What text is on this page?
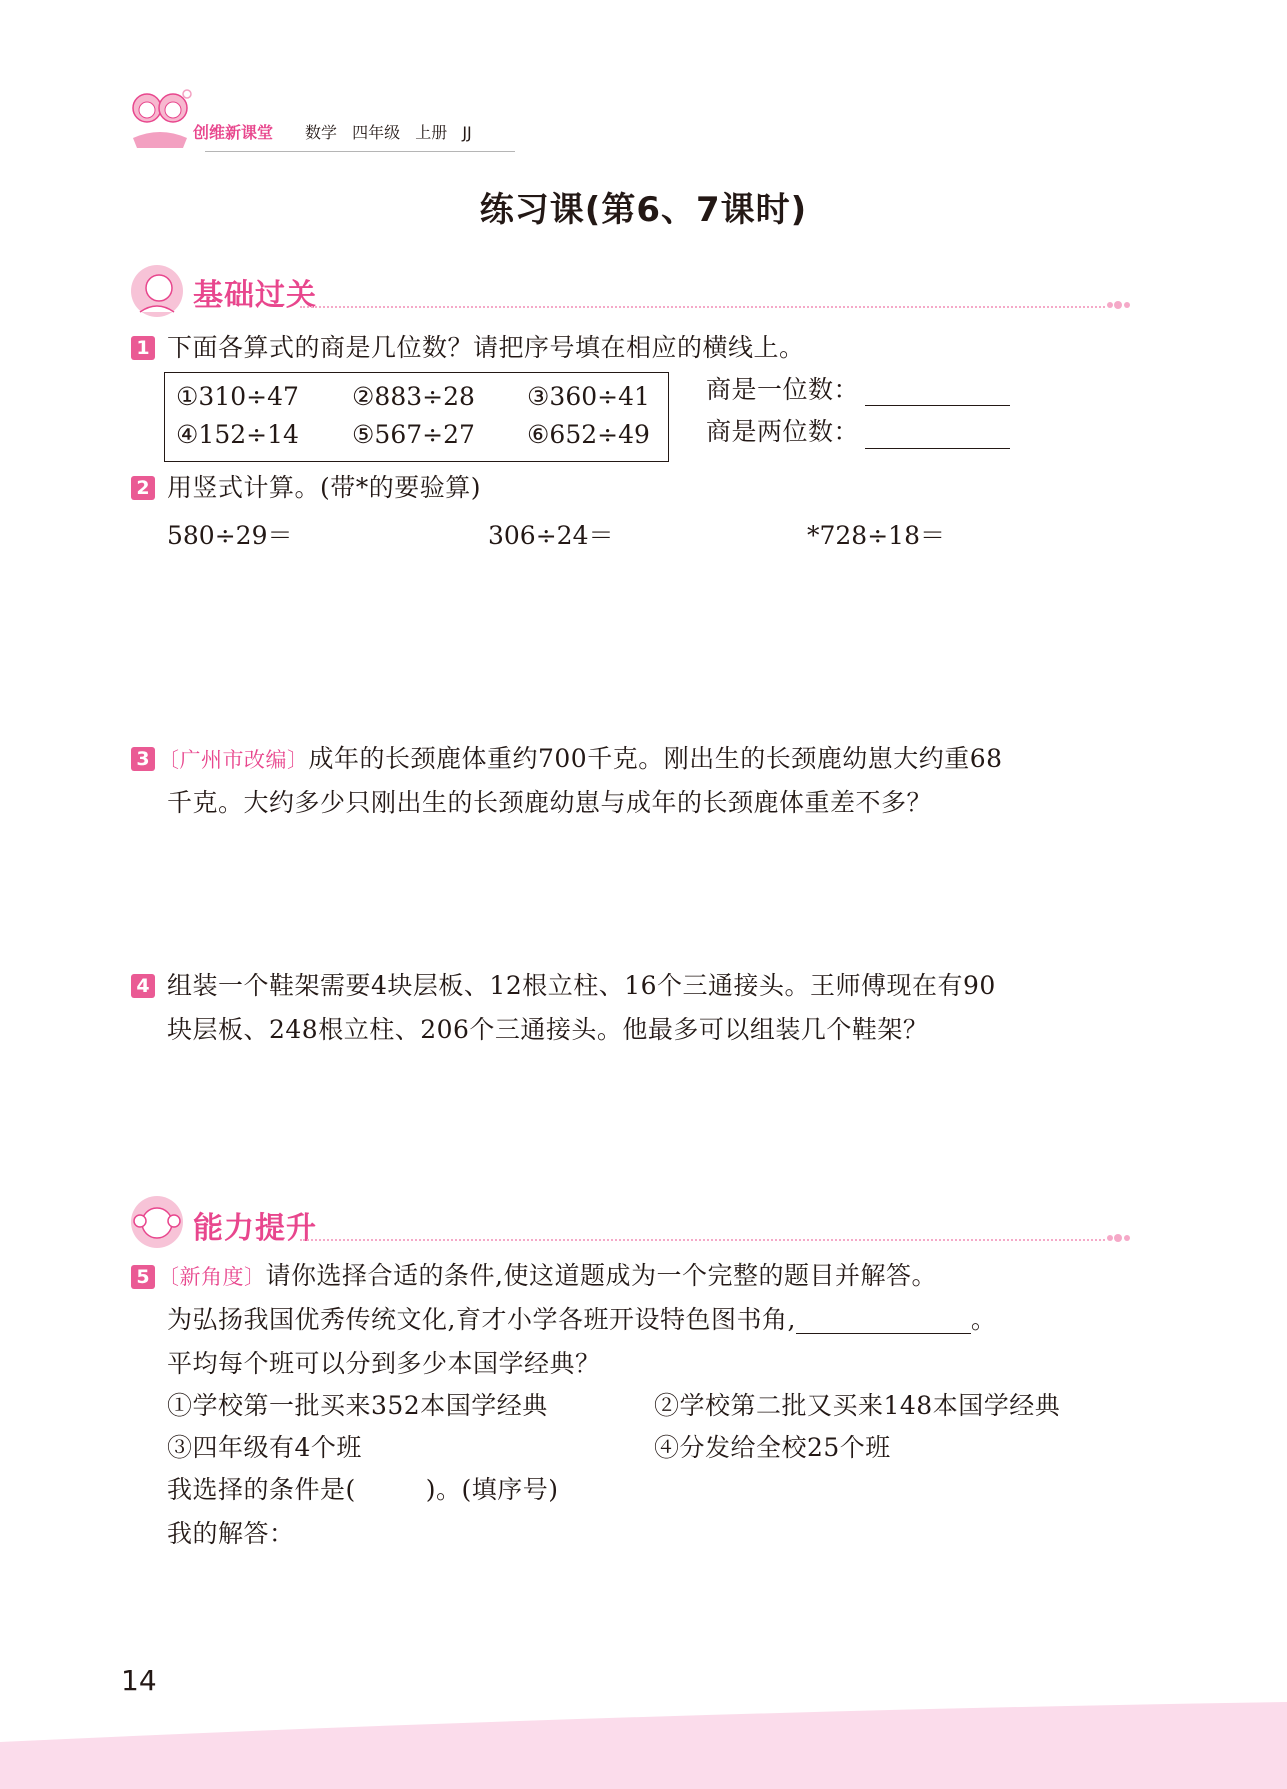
创维新课堂 数学 四年级 上册 JJ
练习课(第6、7课时)
基础过关
1 下面各算式的商是几位数？请把序号填在相应的横线上。
①310÷47 ②883÷28 ③360÷41
④152÷14 ⑤567÷27 ⑥652÷49
商是一位数：
商是两位数：
2 用竖式计算。(带*的要验算)
580÷29＝	306÷24＝	*728÷18＝
3 〔广州市改编〕成年的长颈鹿体重约700千克。刚出生的长颈鹿幼崽大约重68
千克。大约多少只刚出生的长颈鹿幼崽与成年的长颈鹿体重差不多？
4 组装一个鞋架需要4块层板、12根立柱、16个三通接头。王师傅现在有90
块层板、248根立柱、206个三通接头。他最多可以组装几个鞋架？
能力提升
5 〔新角度〕请你选择合适的条件,使这道题成为一个完整的题目并解答。
为弘扬我国优秀传统文化,育才小学各班开设特色图书角,	。
平均每个班可以分到多少本国学经典？
①学校第一批买来352本国学经典	②学校第二批又买来148本国学经典
③四年级有4个班	④分发给全校25个班
我选择的条件是(	)。(填序号)
我的解答：
14
